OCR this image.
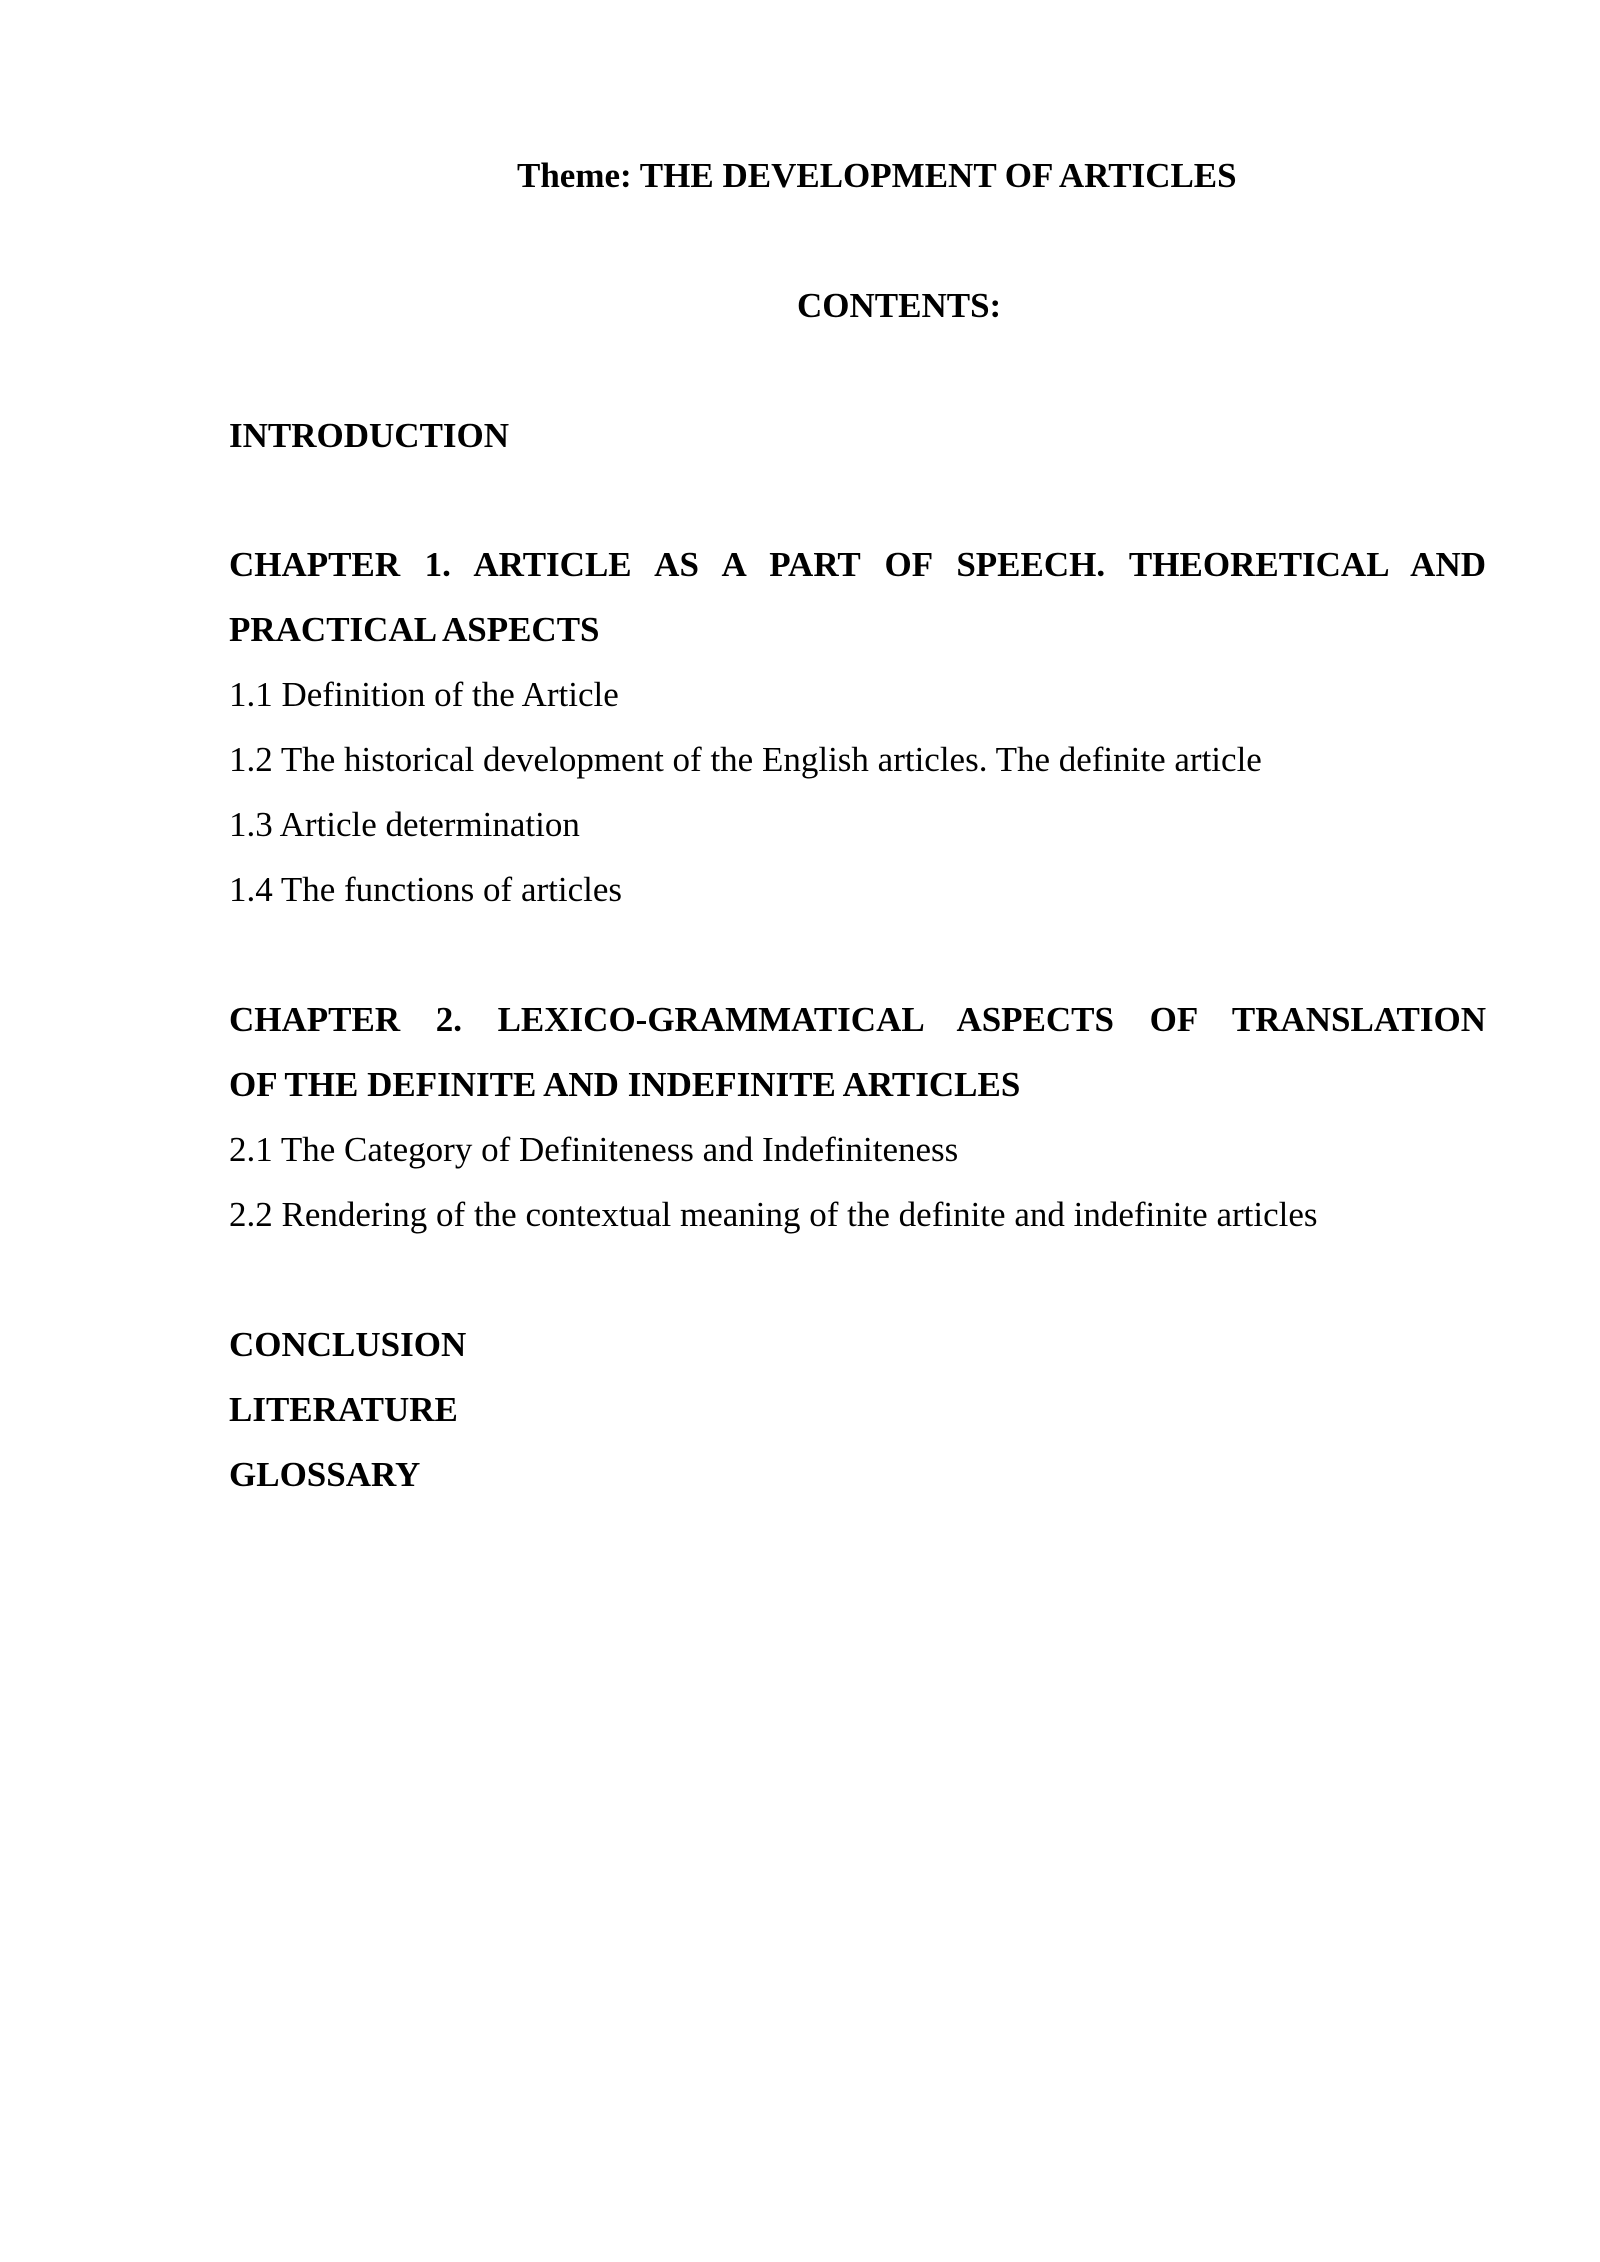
Theme: THE DEVELOPMENT OF ARTICLES
CONTENTS:
INTRODUCTION
CHAPTER 1. ARTICLE AS A PART OF SPEECH. THEORETICAL AND
PRACTICAL ASPECTS
1.1 Definition of the Article
1.2 The historical development of the English articles. The definite article
1.3 Article determination
1.4 The functions of articles
CHAPTER 2. LEXICO-GRAMMATICAL ASPECTS OF TRANSLATION
OF THE DEFINITE AND INDEFINITE ARTICLES
2.1 The Category of Definiteness and Indefiniteness
2.2 Rendering of the contextual meaning of the definite and indefinite articles
CONCLUSION
LITERATURE
GLOSSARY
